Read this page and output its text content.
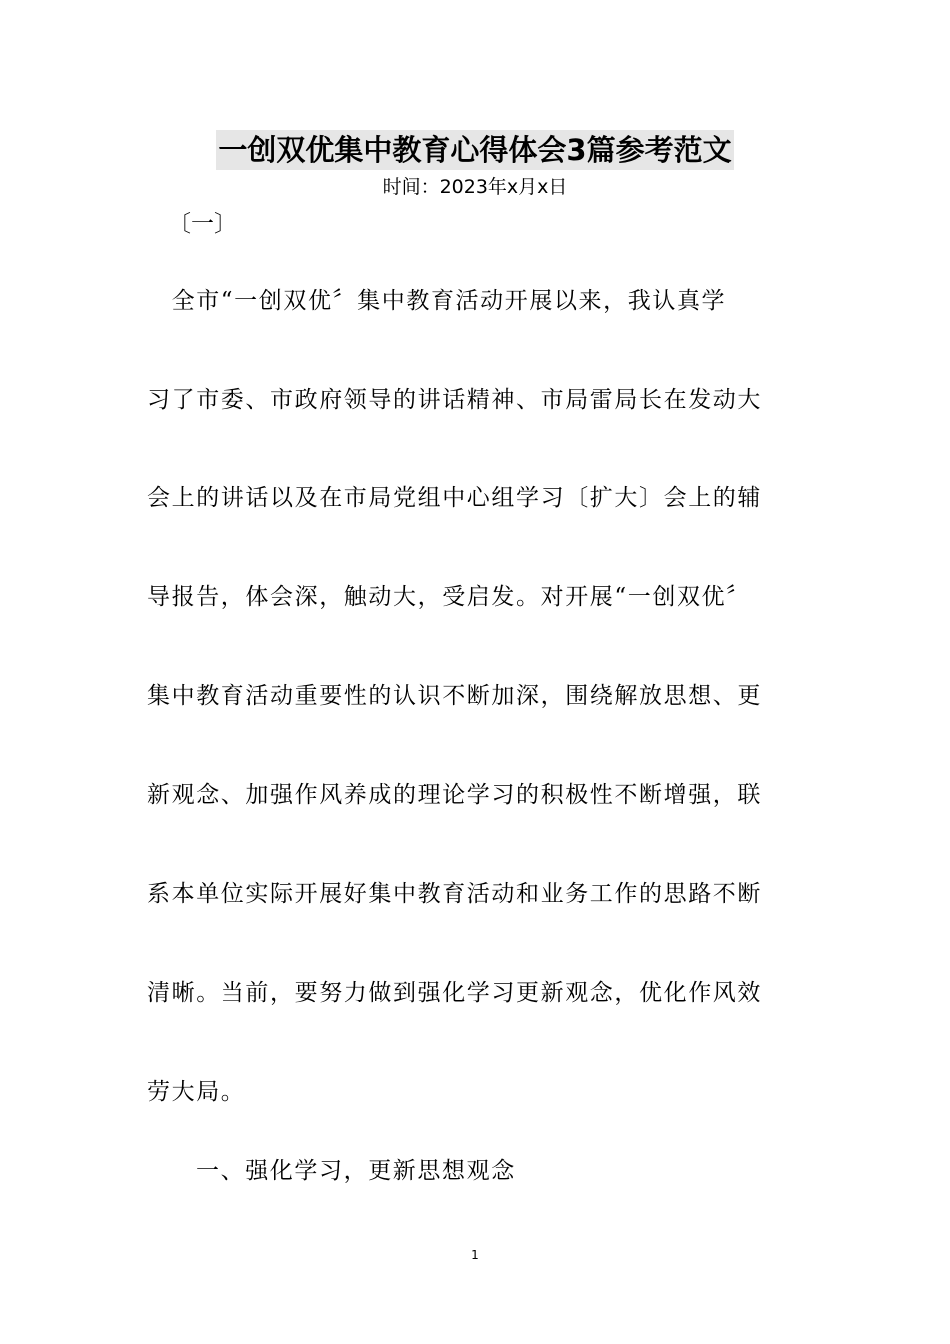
一创双优集中教育心得体会3篇参考范文
时间：2023年x月x日
〔一〕
　全市“一创双优〞集中教育活动开展以来，我认真学
习了市委、市政府领导的讲话精神、市局雷局长在发动大
会上的讲话以及在市局党组中心组学习〔扩大〕会上的辅
导报告，体会深，触动大，受启发。对开展“一创双优〞
集中教育活动重要性的认识不断加深，围绕解放思想、更
新观念、加强作风养成的理论学习的积极性不断增强，联
系本单位实际开展好集中教育活动和业务工作的思路不断
清晰。当前，要努力做到强化学习更新观念，优化作风效
劳大局。
一、强化学习，更新思想观念
1
